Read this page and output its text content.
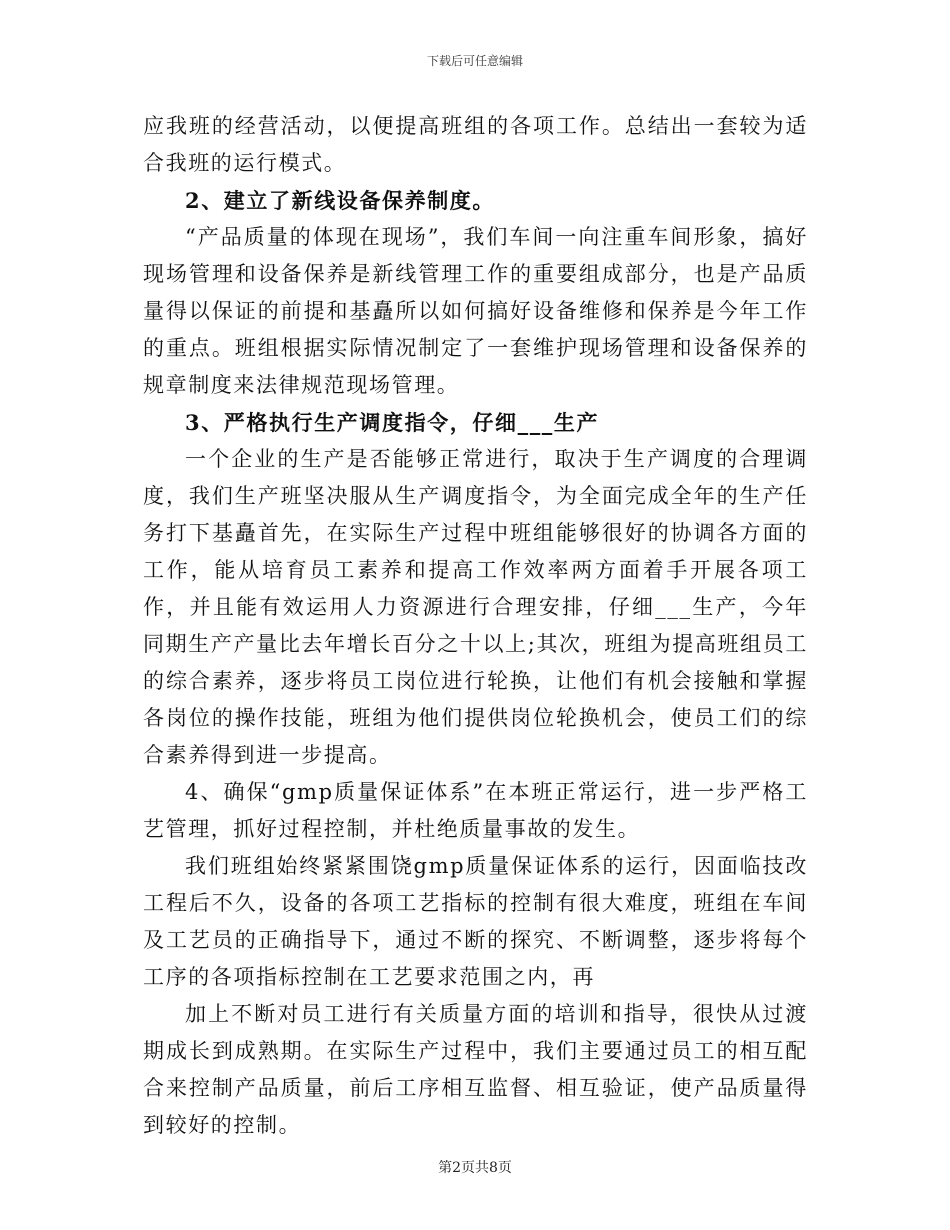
下载后可任意编辑

应我班的经营活动，以便提高班组的各项工作。总结出一套较为适合我班的运行模式。

2、建立了新线设备保养制度。

“产品质量的体现在现场”，我们车间一向注重车间形象，搞好现场管理和设备保养是新线管理工作的重要组成部分，也是产品质量得以保证的前提和基矗所以如何搞好设备维修和保养是今年工作的重点。班组根据实际情况制定了一套维护现场管理和设备保养的规章制度来法律规范现场管理。

3、严格执行生产调度指令，仔细___生产

一个企业的生产是否能够正常进行，取决于生产调度的合理调度，我们生产班坚决服从生产调度指令，为全面完成全年的生产任务打下基矗首先，在实际生产过程中班组能够很好的协调各方面的工作，能从培育员工素养和提高工作效率两方面着手开展各项工作，并且能有效运用人力资源进行合理安排，仔细___生产，今年同期生产产量比去年增长百分之十以上;其次，班组为提高班组员工的综合素养，逐步将员工岗位进行轮换，让他们有机会接触和掌握各岗位的操作技能，班组为他们提供岗位轮换机会，使员工们的综合素养得到进一步提高。

4、确保“gmp质量保证体系”在本班正常运行，进一步严格工艺管理，抓好过程控制，并杜绝质量事故的发生。

我们班组始终紧紧围饶gmp质量保证体系的运行，因面临技改工程后不久，设备的各项工艺指标的控制有很大难度，班组在车间及工艺员的正确指导下，通过不断的探究、不断调整，逐步将每个工序的各项指标控制在工艺要求范围之内，再

加上不断对员工进行有关质量方面的培训和指导，很快从过渡期成长到成熟期。在实际生产过程中，我们主要通过员工的相互配合来控制产品质量，前后工序相互监督、相互验证，使产品质量得到较好的控制。

第2页共8页
